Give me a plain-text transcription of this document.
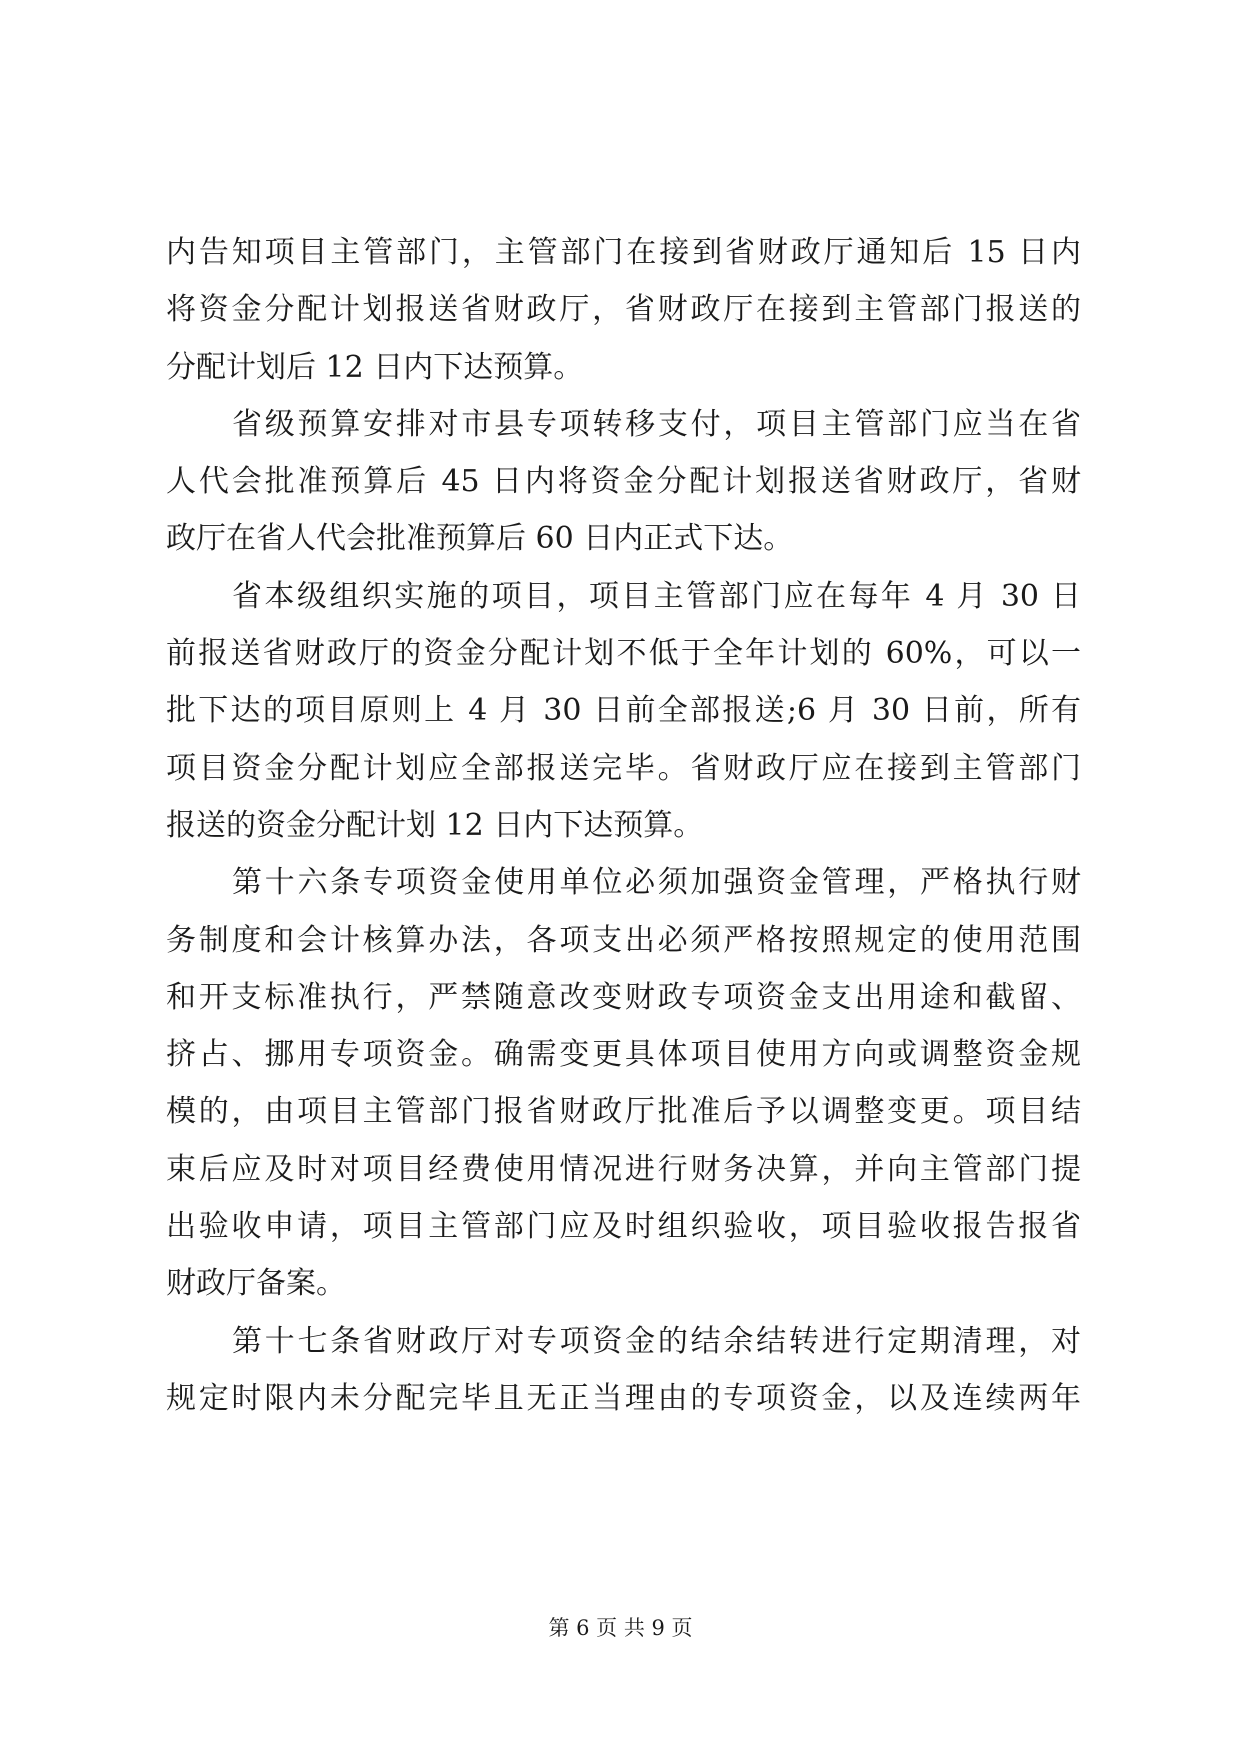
内告知项目主管部门，主管部门在接到省财政厅通知后 15 日内
将资金分配计划报送省财政厅，省财政厅在接到主管部门报送的
分配计划后 12 日内下达预算。

省级预算安排对市县专项转移支付，项目主管部门应当在省
人代会批准预算后 45 日内将资金分配计划报送省财政厅，省财
政厅在省人代会批准预算后 60 日内正式下达。

省本级组织实施的项目，项目主管部门应在每年 4 月 30 日
前报送省财政厅的资金分配计划不低于全年计划的 60%，可以一
批下达的项目原则上 4 月 30 日前全部报送;6 月 30 日前，所有
项目资金分配计划应全部报送完毕。省财政厅应在接到主管部门
报送的资金分配计划 12 日内下达预算。

第十六条专项资金使用单位必须加强资金管理，严格执行财
务制度和会计核算办法，各项支出必须严格按照规定的使用范围
和开支标准执行，严禁随意改变财政专项资金支出用途和截留、
挤占、挪用专项资金。确需变更具体项目使用方向或调整资金规
模的，由项目主管部门报省财政厅批准后予以调整变更。项目结
束后应及时对项目经费使用情况进行财务决算，并向主管部门提
出验收申请，项目主管部门应及时组织验收，项目验收报告报省
财政厅备案。

第十七条省财政厅对专项资金的结余结转进行定期清理，对
规定时限内未分配完毕且无正当理由的专项资金，以及连续两年

第 6 页 共 9 页
